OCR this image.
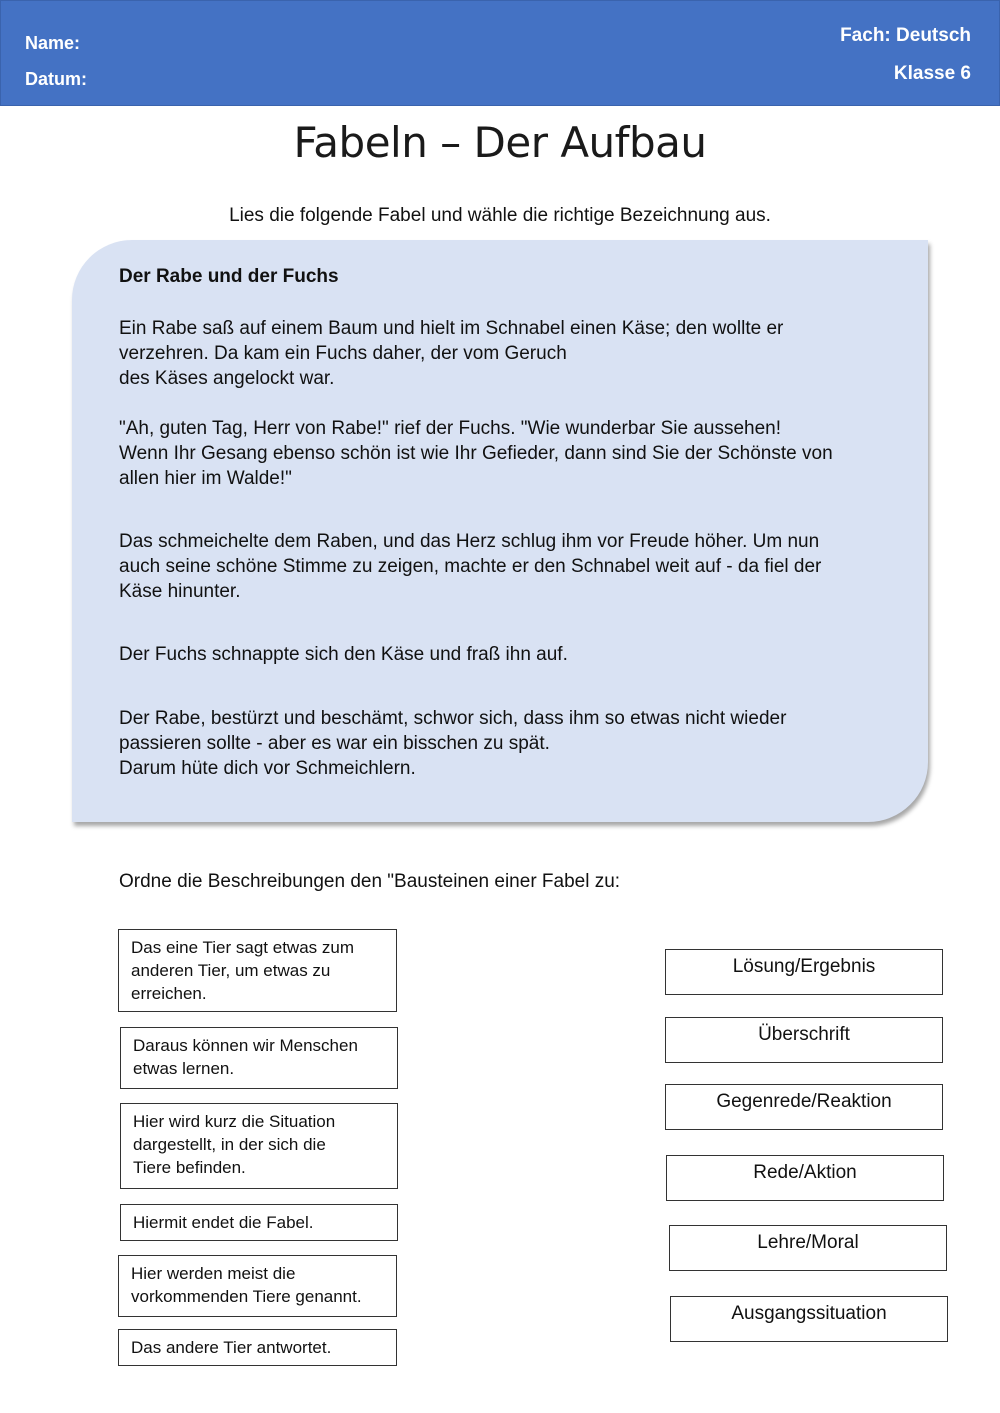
Name:
Datum:
Fach: Deutsch
Klasse 6
Fabeln – Der Aufbau
Lies die folgende Fabel und wähle die richtige Bezeichnung aus.
Der Rabe und der Fuchs
Ein Rabe saß auf einem Baum und hielt im Schnabel einen Käse; den wollte er
verzehren. Da kam ein Fuchs daher, der vom Geruch
des Käses angelockt war.
"Ah, guten Tag, Herr von Rabe!" rief der Fuchs. "Wie wunderbar Sie aussehen!
Wenn Ihr Gesang ebenso schön ist wie Ihr Gefieder, dann sind Sie der Schönste von
allen hier im Walde!"
Das schmeichelte dem Raben, und das Herz schlug ihm vor Freude höher. Um nun
auch seine schöne Stimme zu zeigen, machte er den Schnabel weit auf - da fiel der
Käse hinunter.
Der Fuchs schnappte sich den Käse und fraß ihn auf.
Der Rabe, bestürzt und beschämt, schwor sich, dass ihm so etwas nicht wieder
passieren sollte - aber es war ein bisschen zu spät.
Darum hüte dich vor Schmeichlern.
Ordne die Beschreibungen den "Bausteinen einer Fabel zu:
Das eine Tier sagt etwas zum
anderen Tier, um etwas zu
erreichen.
Daraus können wir Menschen
etwas lernen.
Hier wird kurz die Situation
dargestellt, in der sich die
Tiere befinden.
Hiermit endet die Fabel.
Hier werden meist die
vorkommenden Tiere genannt.
Das andere Tier antwortet.
Lösung/Ergebnis
Überschrift
Gegenrede/Reaktion
Rede/Aktion
Lehre/Moral
Ausgangssituation
